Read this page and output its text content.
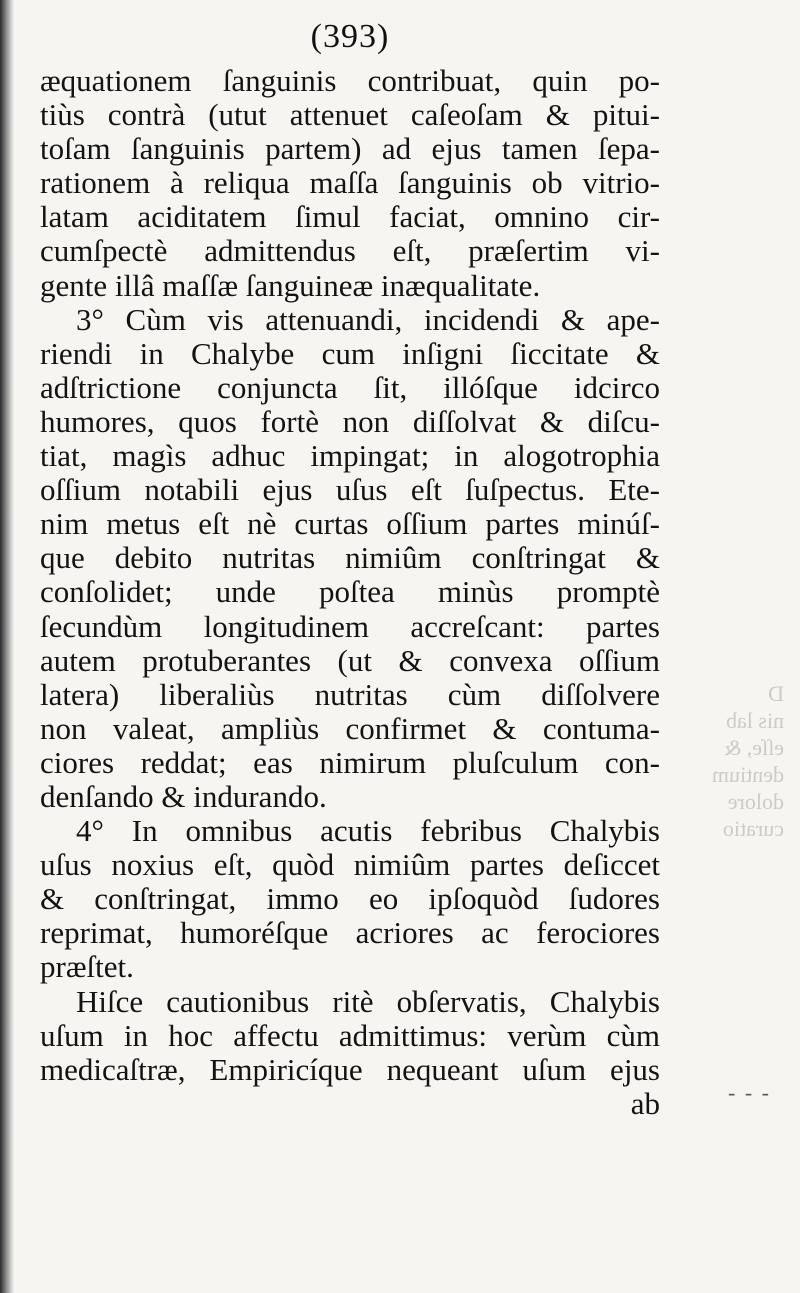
(393)
æquationem ſanguinis contribuat, quin po-
tiùs contrà (utut attenuet caſeoſam & pitui-
toſam ſanguinis partem) ad ejus tamen ſepa-
rationem à reliqua maſſa ſanguinis ob vitrio-
latam aciditatem ſimul faciat, omnino cir-
cumſpectè admittendus eſt, præſertim vi-
gente illâ maſſæ ſanguineæ inæqualitate.
3° Cùm vis attenuandi, incidendi & ape-
riendi in Chalybe cum inſigni ſiccitate &
adſtrictione conjuncta ſit, illóſque idcirco
humores, quos fortè non diſſolvat & diſcu-
tiat, magìs adhuc impingat; in alogotrophia
oſſium notabili ejus uſus eſt ſuſpectus. Ete-
nim metus eſt nè curtas oſſium partes minúſ-
que debito nutritas nimiûm conſtringat &
conſolidet; unde poſtea minùs promptè
ſecundùm longitudinem accreſcant: partes
autem protuberantes (ut & convexa oſſium
latera) liberaliùs nutritas cùm diſſolvere
non valeat, ampliùs confirmet & contuma-
ciores reddat; eas nimirum pluſculum con-
denſando & indurando.
4° In omnibus acutis febribus Chalybis
uſus noxius eſt, quòd nimiûm partes deſiccet
& conſtringat, immo eo ipſoquòd ſudores
reprimat, humoréſque acriores ac ferociores
præſtet.
Hiſce cautionibus ritè obſervatis, Chalybis
uſum in hoc affectu admittimus: verùm cùm
medicaſtræ, Empiricíque nequeant uſum ejus
ab
D
nis lab
eſſe, &
dentium
dolore
curatio
- - -
